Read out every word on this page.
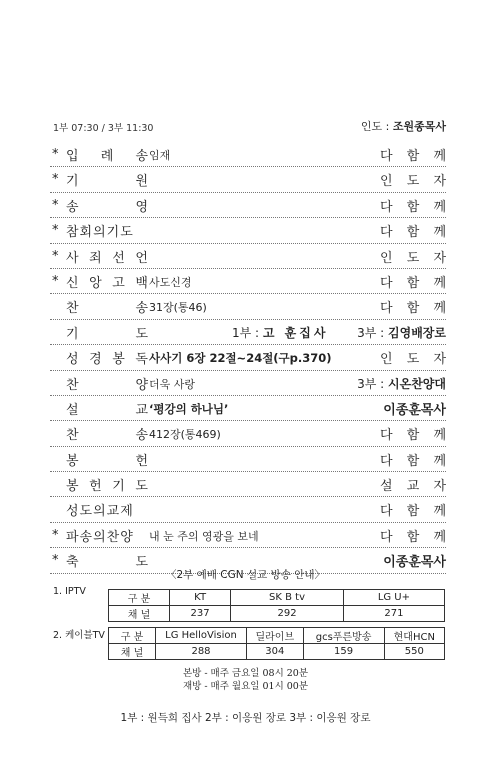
1부 07:30 / 3부 11:30	인도 : 조원종목사
* 입 례 송 임재	다 함 께
* 기	원	인 도 자
* 송	영	다 함 께
* 참회의기도	다 함 께
* 사 죄 선 언	인 도 자
* 신 앙 고 백 사도신경	다 함 께
찬	송 31장(통46)	다 함 께
기	도	1부 : 고 훈집사 3부 : 김영배장로
성 경 봉 독 사사기 6장 22절~24절(구p.370)	인 도 자
찬	양 더욱 사랑	3부 : 시온찬양대
설	교 ‘평강의 하나님’	이종훈목사
찬	송 412장(통469)	다 함 께
봉	헌	다 함 께
봉 헌 기 도	설 교 자
성도의교제	다 함 께
* 파송의찬양 내 눈 주의 영광을 보네	다 함 께
* 축	도	이종훈목사
〈2부 예배 CGN 설교 방송 안내〉
1. IPTV
구 분	KT	SK B tv	LG U+
채 널	237	292	271
2. 케이블TV 구 분	LG HelloVision	딜라이브	gcs푸른방송	현대HCN
채 널	288	304	159	550
본방 - 매주 금요일 08시 20분
재방 - 매주 월요일 01시 00분
1부 : 원득희 집사 2부 : 이응원 장로 3부 : 이응원 장로
